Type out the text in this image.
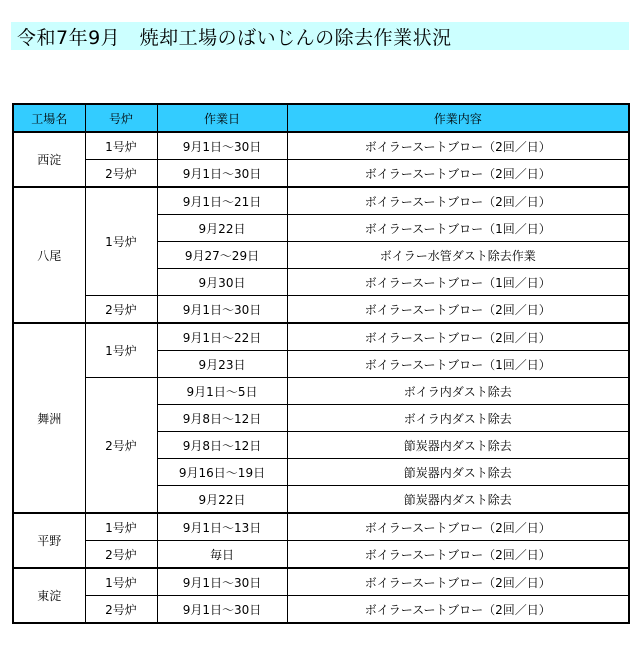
令和7年9月　焼却工場のばいじんの除去作業状況
工場名	号炉	作業日	作業内容
西淀	1号炉	9月1日～30日	ボイラースートブロー（2回／日）
	2号炉	9月1日～30日	ボイラースートブロー（2回／日）
八尾	1号炉	9月1日～21日	ボイラースートブロー（2回／日）
		9月22日	ボイラースートブロー（1回／日）
		9月27～29日	ボイラー水管ダスト除去作業
		9月30日	ボイラースートブロー（1回／日）
	2号炉	9月1日～30日	ボイラースートブロー（2回／日）
舞洲	1号炉	9月1日～22日	ボイラースートブロー（2回／日）
		9月23日	ボイラースートブロー（1回／日）
	2号炉	9月1日～5日	ボイラ内ダスト除去
		9月8日～12日	ボイラ内ダスト除去
		9月8日～12日	節炭器内ダスト除去
		9月16日～19日	節炭器内ダスト除去
		9月22日	節炭器内ダスト除去
平野	1号炉	9月1日～13日	ボイラースートブロー（2回／日）
	2号炉	毎日	ボイラースートブロー（2回／日）
東淀	1号炉	9月1日～30日	ボイラースートブロー（2回／日）
	2号炉	9月1日～30日	ボイラースートブロー（2回／日）
